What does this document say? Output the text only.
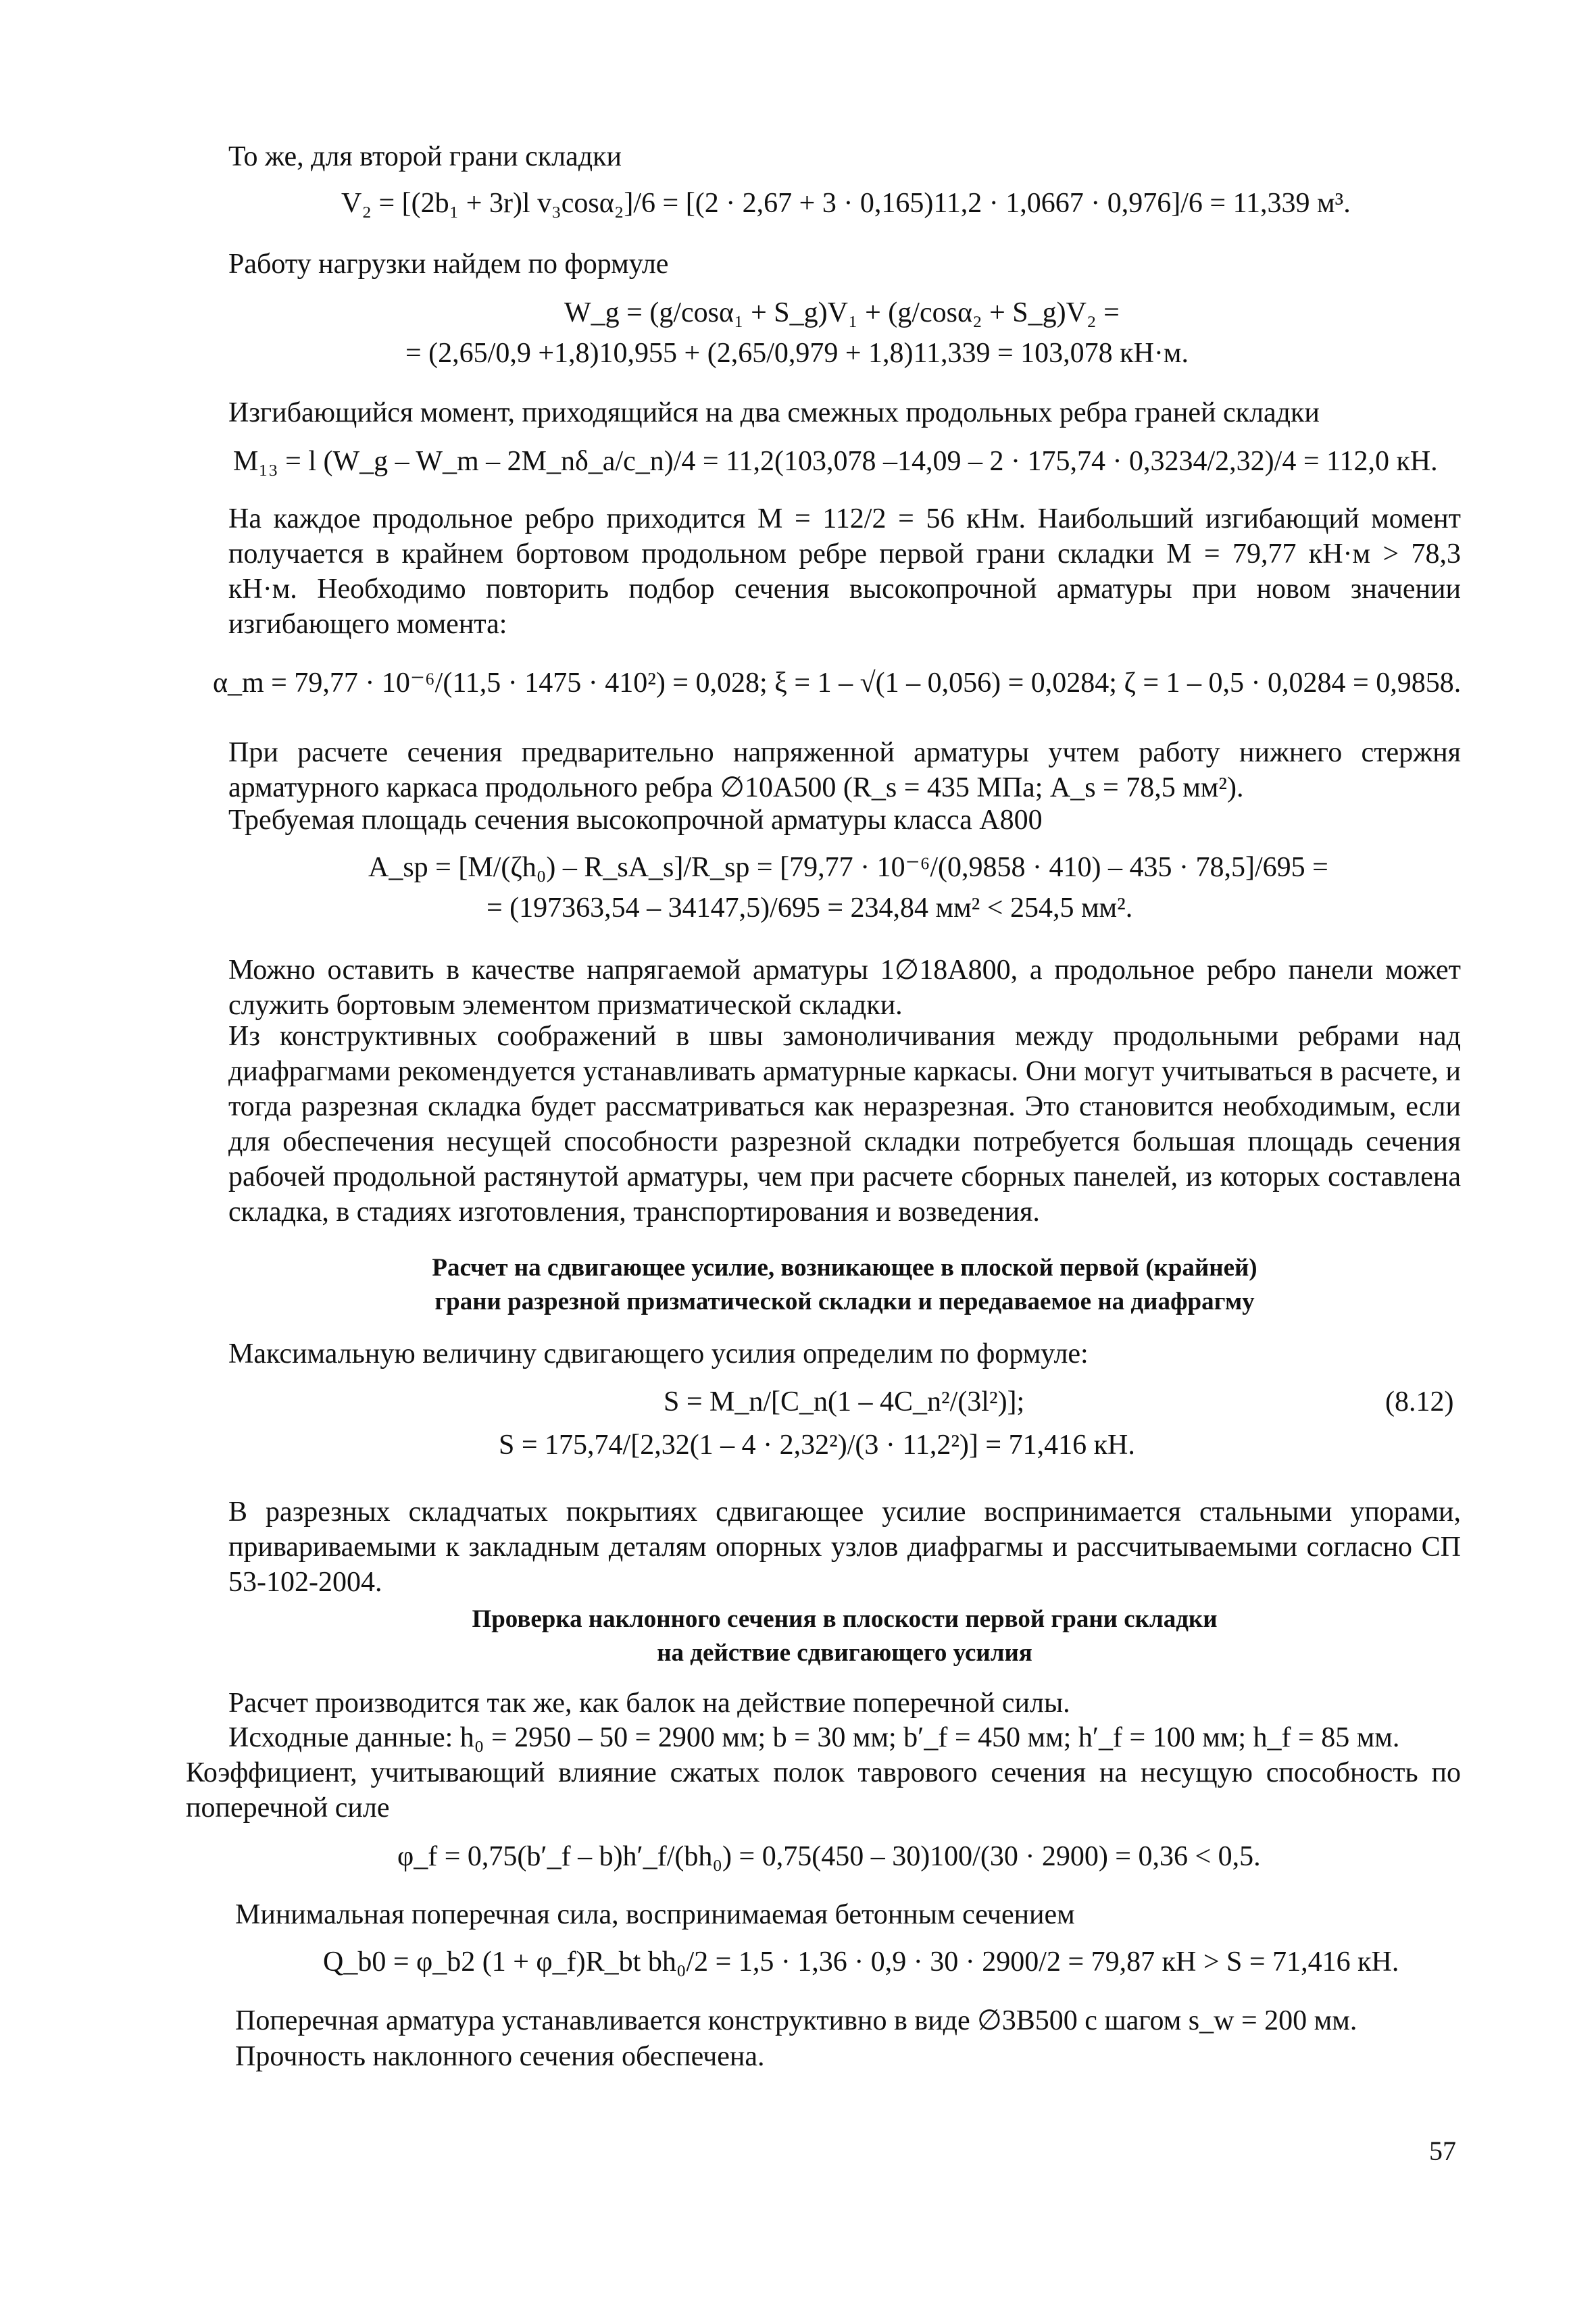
То же, для второй грани складки
V₂ = [(2b₁ + 3r)l v₃cosα₂]/6 = [(2 · 2,67 + 3 · 0,165)11,2 · 1,0667 · 0,976]/6 = 11,339 м³.
Работу нагрузки найдем по формуле
W_g = (g/cosα₁ + S_g)V₁ + (g/cosα₂ + S_g)V₂ =
= (2,65/0,9 +1,8)10,955 + (2,65/0,979 + 1,8)11,339 = 103,078 кН·м.
Изгибающийся момент, приходящийся на два смежных продольных ребра граней складки
M₁₃ = l (W_g – W_m – 2M_nδ_a/c_n)/4 = 11,2(103,078 –14,09 – 2 · 175,74 · 0,3234/2,32)/4 = 112,0 кН.

На каждое продольное ребро приходится M = 112/2 = 56 кНм. Наибольший изгибающий момент получается в крайнем бортовом продольном ребре первой грани складки M = 79,77 кН·м > 78,3 кН·м. Необходимо повторить подбор сечения высокопрочной арматуры при новом значении изгибающего момента:

α_m = 79,77 · 10⁻⁶/(11,5 · 1475 · 410²) = 0,028; ξ = 1 – √(1 – 0,056) = 0,0284; ζ = 1 – 0,5 · 0,0284 = 0,9858.

При расчете сечения предварительно напряженной арматуры учтем работу нижнего стержня арматурного каркаса продольного ребра ∅10А500 (R_s = 435 МПа; A_s = 78,5 мм²).

Требуемая площадь сечения высокопрочной арматуры класса А800
A_sp = [M/(ζh₀) – R_sA_s]/R_sp = [79,77 · 10⁻⁶/(0,9858 · 410) – 435 · 78,5]/695 =
= (197363,54 – 34147,5)/695 = 234,84 мм² < 254,5 мм².

Можно оставить в качестве напрягаемой арматуры 1∅18А800, а продольное ребро панели может служить бортовым элементом призматической складки.

Из конструктивных соображений в швы замоноличивания между продольными ребрами над диафрагмами рекомендуется устанавливать арматурные каркасы. Они могут учитываться в расчете, и тогда разрезная складка будет рассматриваться как неразрезная. Это становится необходимым, если для обеспечения несущей способности разрезной складки потребуется большая площадь сечения рабочей продольной растянутой арматуры, чем при расчете сборных панелей, из которых составлена складка, в стадиях изготовления, транспортирования и возведения.

Расчет на сдвигающее усилие, возникающее в плоской первой (крайней)
грани разрезной призматической складки и передаваемое на диафрагму
Максимальную величину сдвигающего усилия определим по формуле:
S = M_n/[C_n(1 – 4C_n²/(3l²)];	(8.12)
S = 175,74/[2,32(1 – 4 · 2,32²)/(3 · 11,2²)] = 71,416 кН.

В разрезных складчатых покрытиях сдвигающее усилие воспринимается стальными упорами, привариваемыми к закладным деталям опорных узлов диафрагмы и рассчитываемыми согласно СП 53-102-2004.

Проверка наклонного сечения в плоскости первой грани складки
на действие сдвигающего усилия
Расчет производится так же, как балок на действие поперечной силы.
Исходные данные: h₀ = 2950 – 50 = 2900 мм; b = 30 мм; b′_f = 450 мм; h′_f = 100 мм; h_f = 85 мм.

Коэффициент, учитывающий влияние сжатых полок таврового сечения на несущую способность по поперечной силе

φ_f = 0,75(b′_f – b)h′_f/(bh₀) = 0,75(450 – 30)100/(30 · 2900) = 0,36 < 0,5.
Минимальная поперечная сила, воспринимаемая бетонным сечением
Q_b0 = φ_b2 (1 + φ_f)R_bt bh₀/2 = 1,5 · 1,36 · 0,9 · 30 · 2900/2 = 79,87 кН > S = 71,416 кН.
Поперечная арматура устанавливается конструктивно в виде ∅3В500 с шагом s_w = 200 мм.
Прочность наклонного сечения обеспечена.
57
